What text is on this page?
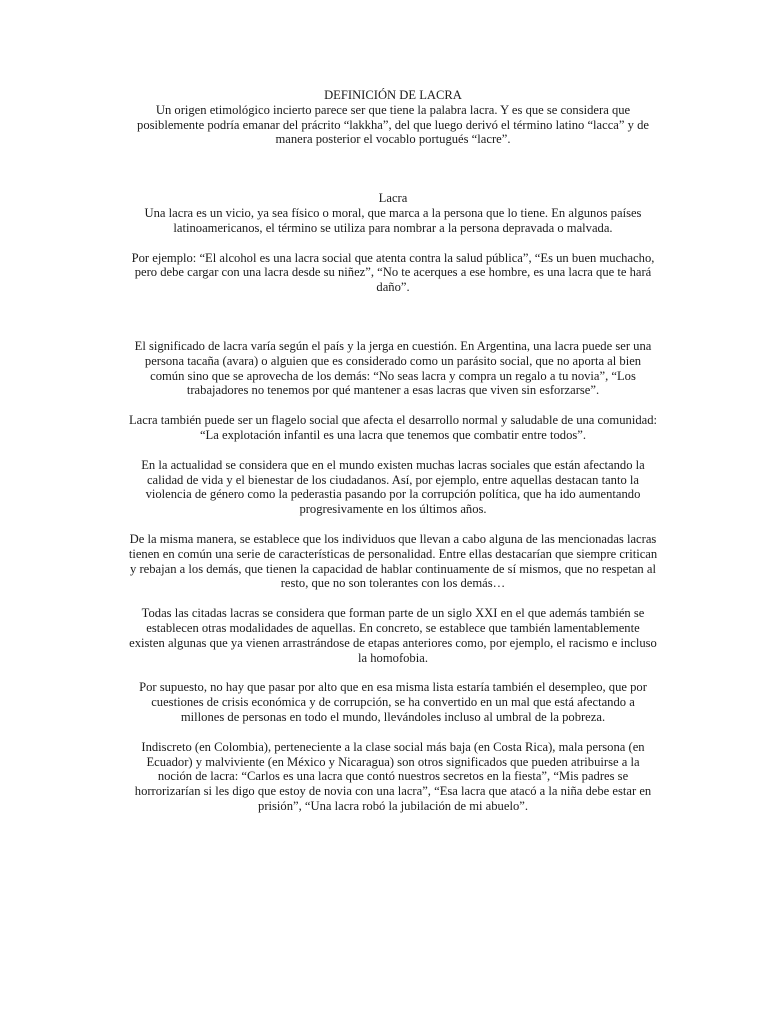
DEFINICIÓN DE LACRA

Un origen etimológico incierto parece ser que tiene la palabra lacra. Y es que se considera que posiblemente podría emanar del prácrito “lakkha”, del que luego derivó el término latino “lacca” y de manera posterior el vocablo portugués “lacre”.

Lacra

Una lacra es un vicio, ya sea físico o moral, que marca a la persona que lo tiene. En algunos países latinoamericanos, el término se utiliza para nombrar a la persona depravada o malvada.

Por ejemplo: “El alcohol es una lacra social que atenta contra la salud pública”, “Es un buen muchacho, pero debe cargar con una lacra desde su niñez”, “No te acerques a ese hombre, es una lacra que te hará daño”.

El significado de lacra varía según el país y la jerga en cuestión. En Argentina, una lacra puede ser una persona tacaña (avara) o alguien que es considerado como un parásito social, que no aporta al bien común sino que se aprovecha de los demás: “No seas lacra y compra un regalo a tu novia”, “Los trabajadores no tenemos por qué mantener a esas lacras que viven sin esforzarse”.

Lacra también puede ser un flagelo social que afecta el desarrollo normal y saludable de una comunidad: “La explotación infantil es una lacra que tenemos que combatir entre todos”.

En la actualidad se considera que en el mundo existen muchas lacras sociales que están afectando la calidad de vida y el bienestar de los ciudadanos. Así, por ejemplo, entre aquellas destacan tanto la violencia de género como la pederastia pasando por la corrupción política, que ha ido aumentando progresivamente en los últimos años.

De la misma manera, se establece que los individuos que llevan a cabo alguna de las mencionadas lacras tienen en común una serie de características de personalidad. Entre ellas destacarían que siempre critican y rebajan a los demás, que tienen la capacidad de hablar continuamente de sí mismos, que no respetan al resto, que no son tolerantes con los demás…

Todas las citadas lacras se considera que forman parte de un siglo XXI en el que además también se establecen otras modalidades de aquellas. En concreto, se establece que también lamentablemente existen algunas que ya vienen arrastrándose de etapas anteriores como, por ejemplo, el racismo e incluso la homofobia.

Por supuesto, no hay que pasar por alto que en esa misma lista estaría también el desempleo, que por cuestiones de crisis económica y de corrupción, se ha convertido en un mal que está afectando a millones de personas en todo el mundo, llevándoles incluso al umbral de la pobreza.

Indiscreto (en Colombia), perteneciente a la clase social más baja (en Costa Rica), mala persona (en Ecuador) y malviviente (en México y Nicaragua) son otros significados que pueden atribuirse a la noción de lacra: “Carlos es una lacra que contó nuestros secretos en la fiesta”, “Mis padres se horrorizarían si les digo que estoy de novia con una lacra”, “Esa lacra que atacó a la niña debe estar en prisión”, “Una lacra robó la jubilación de mi abuelo”.
